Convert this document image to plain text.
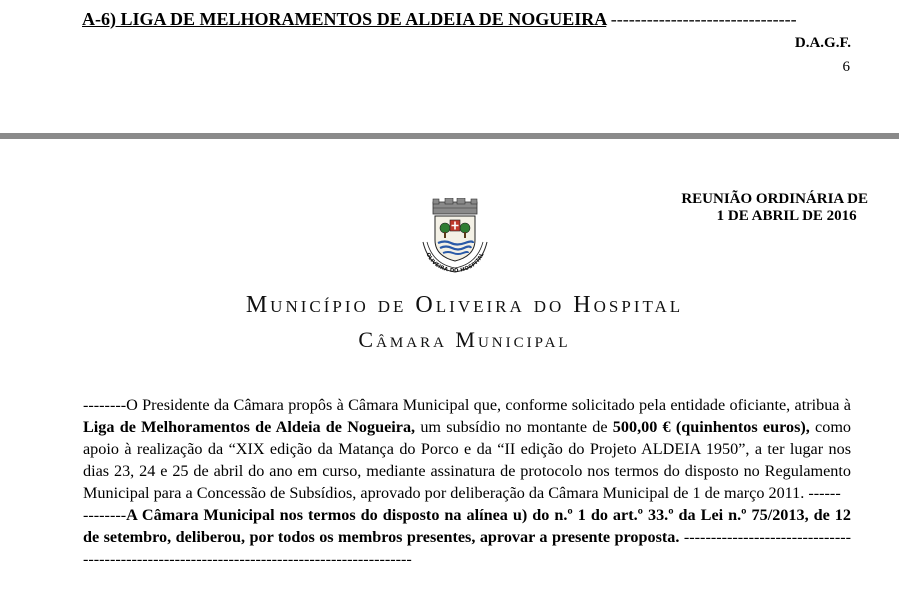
A-6) LIGA DE MELHORAMENTOS DE ALDEIA DE NOGUEIRA -------------------------------
D.A.G.F.
6
REUNIÃO ORDINÁRIA DE
1 DE ABRIL DE 2016
OLIVEIRA DO HOSPITAL
Município de Oliveira do Hospital
Câmara Municipal

--------O Presidente da Câmara propôs à Câmara Municipal que, conforme solicitado pela entidade oficiante, atribua à Liga de Melhoramentos de Aldeia de Nogueira, um subsídio no montante de 500,00 € (quinhentos euros), como apoio à realização da “XIX edição da Matança do Porco e da “II edição do Projeto ALDEIA 1950”, a ter lugar nos dias 23, 24 e 25 de abril do ano em curso, mediante assinatura de protocolo nos termos do disposto no Regulamento Municipal para a Concessão de Subsídios, aprovado por deliberação da Câmara Municipal de 1 de março 2011. ------

--------A Câmara Municipal nos termos do disposto na alínea u) do n.º 1 do art.º 33.º da Lei n.º 75/2013, de 12 de setembro, deliberou, por todos os membros presentes, aprovar a presente proposta. --------------------------------------------------------------------------------------------
